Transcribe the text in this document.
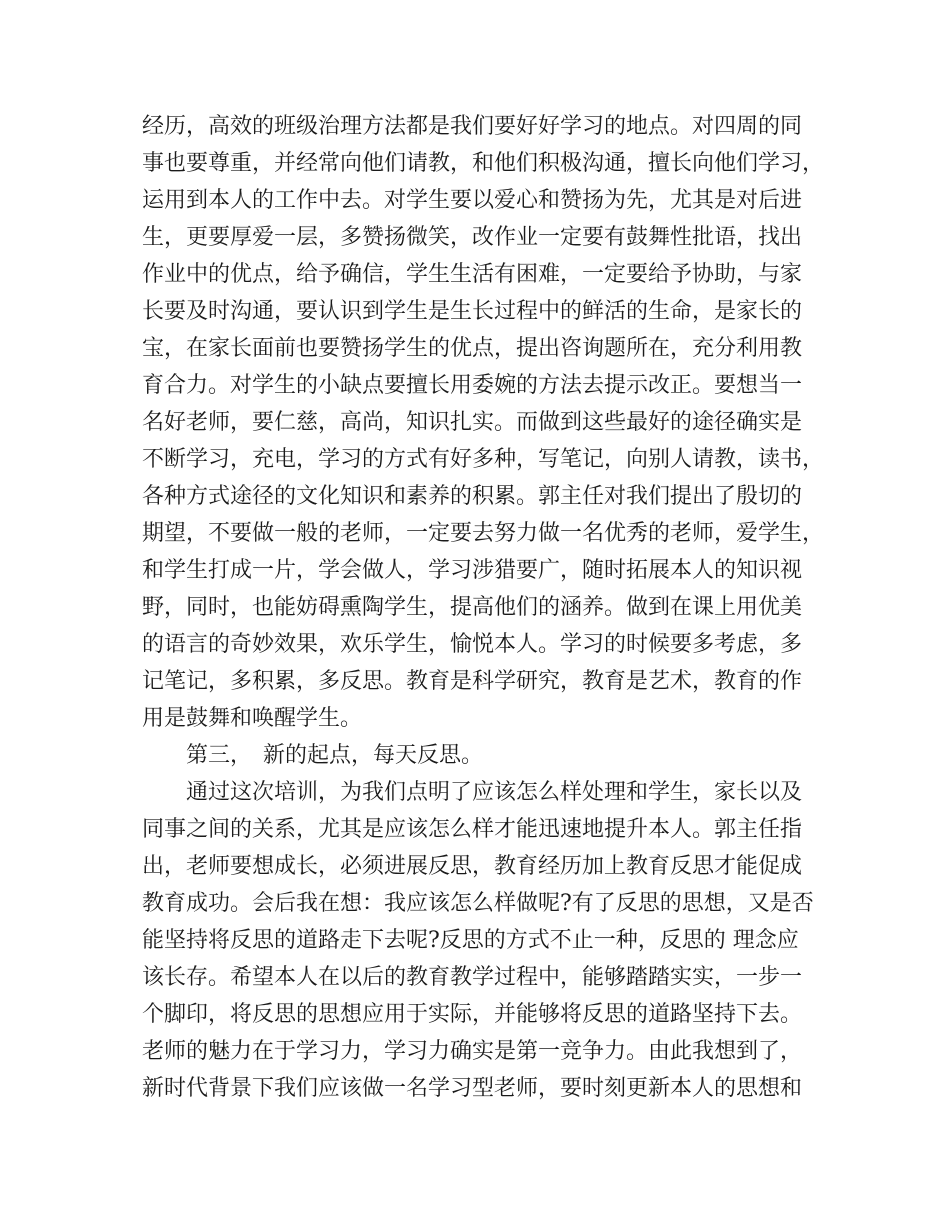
经历，高效的班级治理方法都是我们要好好学习的地点。对四周的同
事也要尊重，并经常向他们请教，和他们积极沟通，擅长向他们学习，
运用到本人的工作中去。对学生要以爱心和赞扬为先，尤其是对后进
生，更要厚爱一层，多赞扬微笑，改作业一定要有鼓舞性批语，找出
作业中的优点，给予确信，学生生活有困难，一定要给予协助，与家
长要及时沟通，要认识到学生是生长过程中的鲜活的生命，是家长的
宝，在家长面前也要赞扬学生的优点，提出咨询题所在，充分利用教
育合力。对学生的小缺点要擅长用委婉的方法去提示改正。要想当一
名好老师，要仁慈，高尚，知识扎实。而做到这些最好的途径确实是
不断学习，充电，学习的方式有好多种，写笔记，向别人请教，读书，
各种方式途径的文化知识和素养的积累。郭主任对我们提出了殷切的
期望，不要做一般的老师，一定要去努力做一名优秀的老师，爱学生，
和学生打成一片，学会做人，学习涉猎要广，随时拓展本人的知识视
野，同时，也能妨碍熏陶学生，提高他们的涵养。做到在课上用优美
的语言的奇妙效果，欢乐学生，愉悦本人。学习的时候要多考虑，多
记笔记，多积累，多反思。教育是科学研究，教育是艺术，教育的作
用是鼓舞和唤醒学生。
第三，　新的起点，每天反思。
通过这次培训，为我们点明了应该怎么样处理和学生，家长以及
同事之间的关系，尤其是应该怎么样才能迅速地提升本人。郭主任指
出，老师要想成长，必须进展反思，教育经历加上教育反思才能促成
教育成功。会后我在想：我应该怎么样做呢?有了反思的思想，又是否
能坚持将反思的道路走下去呢?反思的方式不止一种，反思的 理念应
该长存。希望本人在以后的教育教学过程中，能够踏踏实实，一步一
个脚印，将反思的思想应用于实际，并能够将反思的道路坚持下去。
老师的魅力在于学习力，学习力确实是第一竞争力。由此我想到了，
新时代背景下我们应该做一名学习型老师，要时刻更新本人的思想和
